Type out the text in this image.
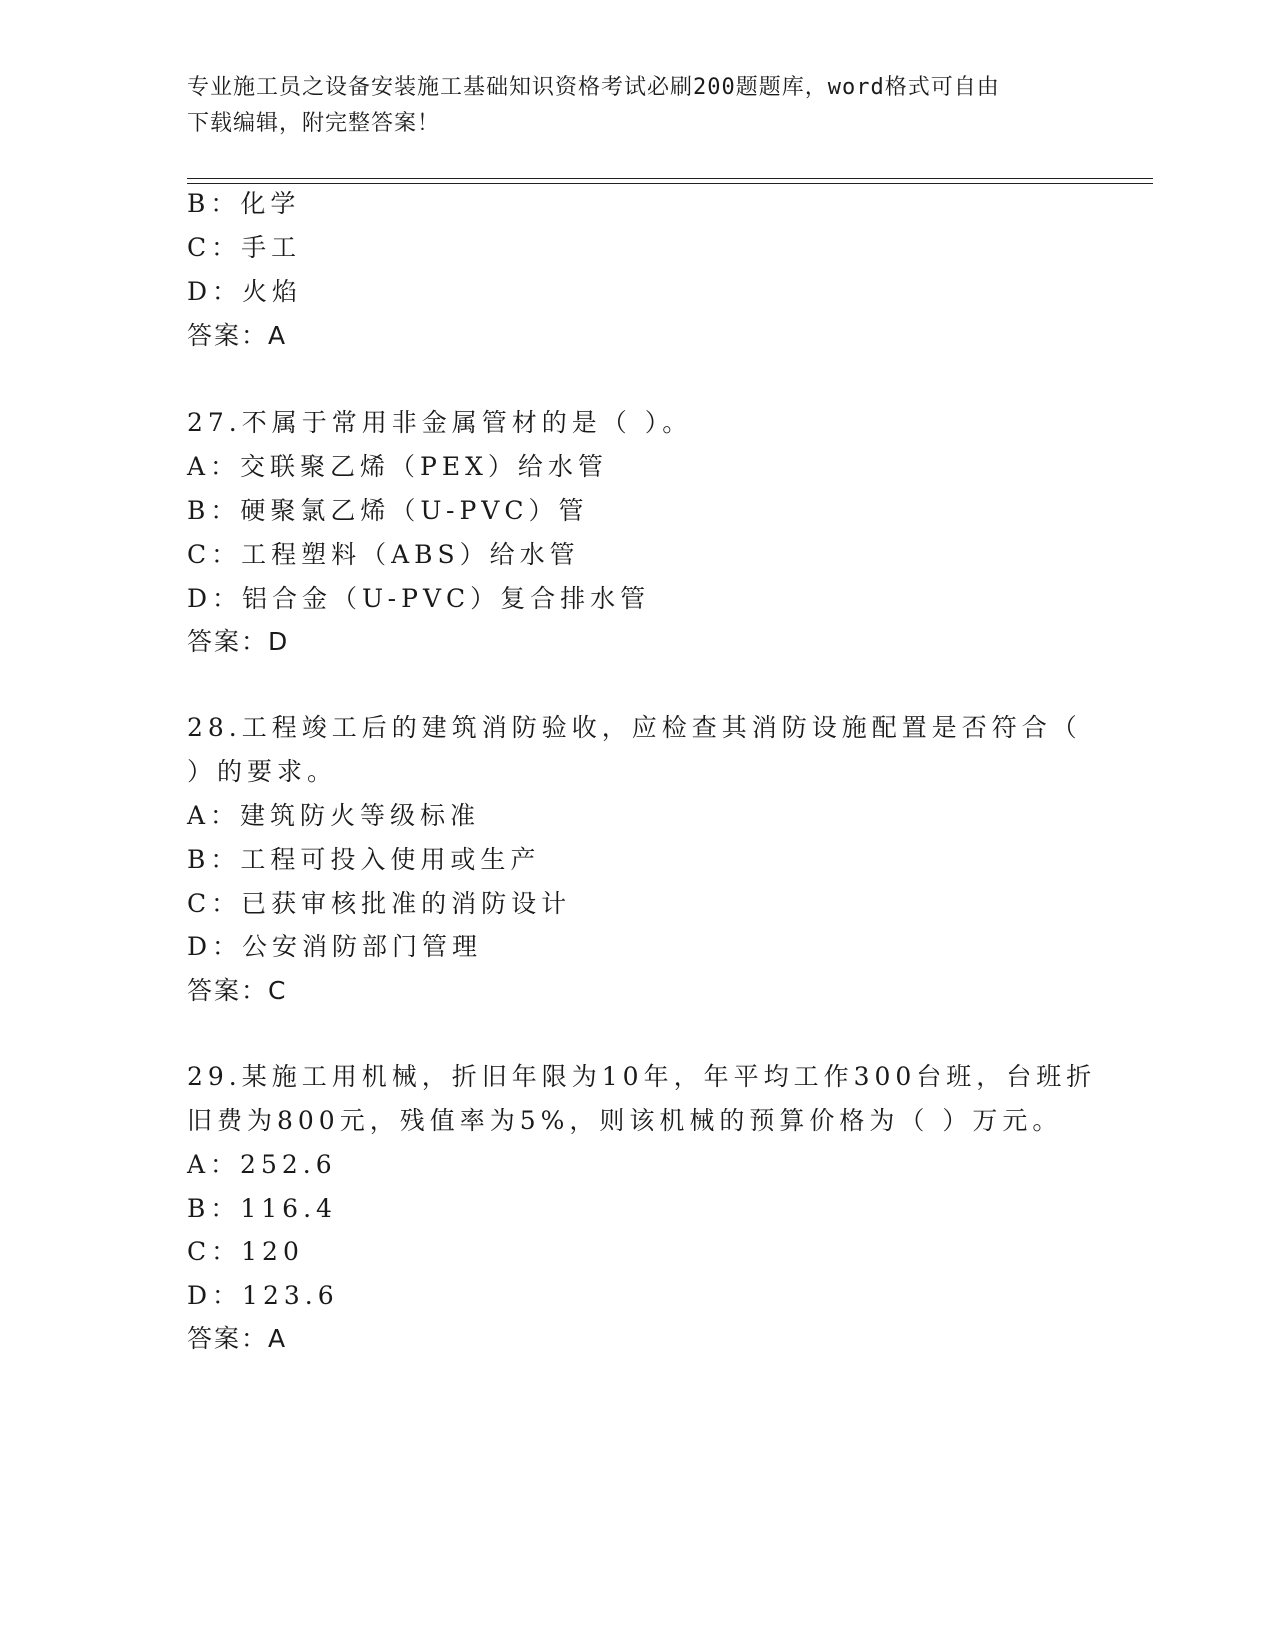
专业施工员之设备安装施工基础知识资格考试必刷200题题库，word格式可自由
下载编辑，附完整答案！
B：化学
C：手工
D：火焰
答案：A
27.不属于常用非金属管材的是（ ）。
A：交联聚乙烯（PEX）给水管
B：硬聚氯乙烯（U-PVC）管
C：工程塑料（ABS）给水管
D：铝合金（U-PVC）复合排水管
答案：D
28.工程竣工后的建筑消防验收，应检查其消防设施配置是否符合（
）的要求。
A：建筑防火等级标准
B：工程可投入使用或生产
C：已获审核批准的消防设计
D：公安消防部门管理
答案：C
29.某施工用机械，折旧年限为10年，年平均工作300台班，台班折
旧费为800元，残值率为5%，则该机械的预算价格为（ ）万元。
A：252.6
B：116.4
C：120
D：123.6
答案：A
